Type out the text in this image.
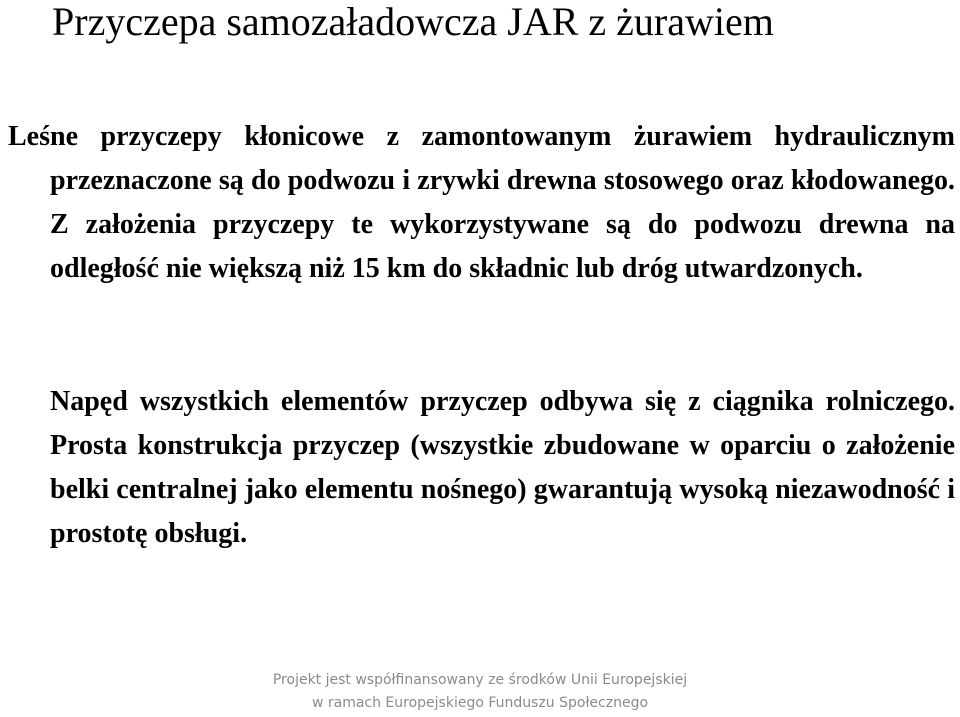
Przyczepa samozaładowcza JAR z żurawiem
Leśne przyczepy kłonicowe z zamontowanym żurawiem hydraulicznym przeznaczone są do podwozu i zrywki drewna stosowego oraz kłodowanego. Z założenia przyczepy te wykorzystywane są do podwozu drewna na odległość nie większą niż 15 km do składnic lub dróg utwardzonych.
Napęd wszystkich elementów przyczep odbywa się z ciągnika rolniczego. Prosta konstrukcja przyczep (wszystkie zbudowane w oparciu o założenie belki centralnej jako elementu nośnego) gwarantują wysoką niezawodność i prostotę obsługi.
Projekt jest współfinansowany ze środków Unii Europejskiej
w ramach Europejskiego Funduszu Społecznego
